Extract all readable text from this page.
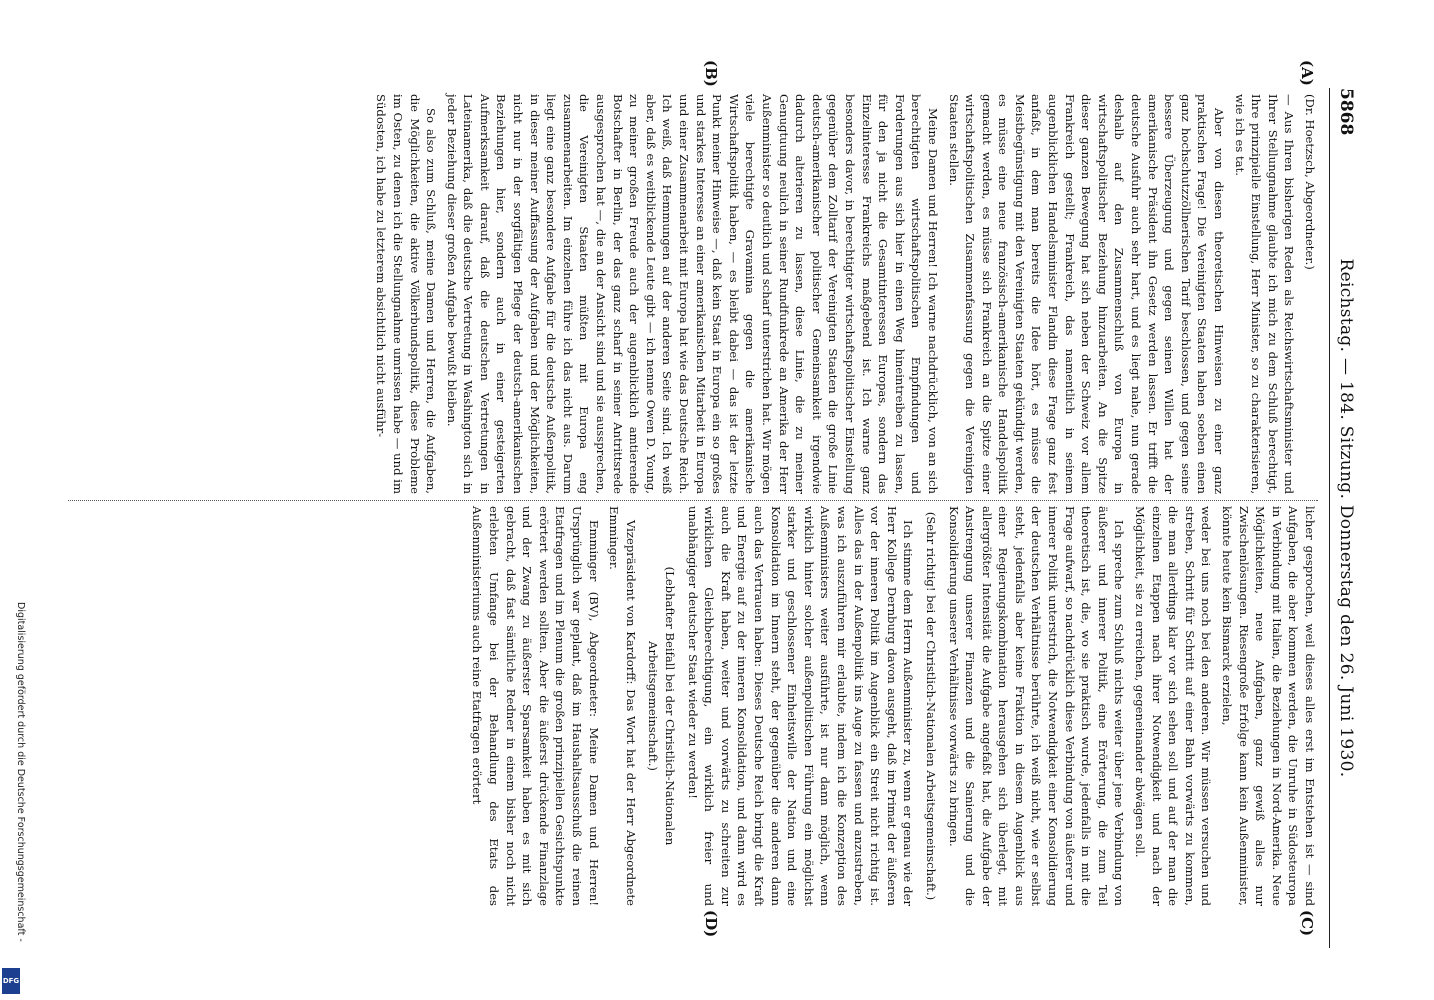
5868
Reichstag. — 184. Sitzung. Donnerstag den 26. Juni 1930.
(A)
(B)
(C)
(D)

(Dr. Hoetzsch, Abgeordneter.)

— Aus Ihren bisherigen Reden als Reichswirtschaftsminister und Ihrer Stellungnahme glaubte ich mich zu dem Schluß berechtigt, Ihre prinzipielle Einstellung, Herr Minister, so zu charakterisieren, wie ich es tat.

Aber von diesen theoretischen Hinweisen zu einer ganz praktischen Frage! Die Vereinigten Staaten haben soeben einen ganz hochschutzzöllnerischen Tarif beschlossen, und gegen seine bessere Überzeugung und gegen seinen Willen hat der amerikanische Präsident ihn Gesetz werden lassen. Er trifft die deutsche Ausfuhr auch sehr hart, und es liegt nahe, nun gerade deshalb auf den Zusammenschluß von Europa in wirtschaftspolitischer Beziehung hinzuarbeiten. An die Spitze dieser ganzen Bewegung hat sich neben der Schweiz vor allem Frankreich gestellt; Frankreich, das namentlich in seinem augenblicklichen Handelsminister Flandin diese Frage ganz fest anfaßt, in dem man bereits die Idee hört, es müsse die Meistbegünstigung mit den Vereinigten Staaten gekündigt werden, es müsse eine neue französisch-amerikanische Handelspolitik gemacht werden, es müsse sich Frankreich an die Spitze einer wirtschaftspolitischen Zusammenfassung gegen die Vereinigten Staaten stellen.

Meine Damen und Herren! Ich warne nachdrücklich, von an sich berechtigten wirtschaftspolitischen Empfindungen und Forderungen aus sich hier in einen Weg hineintreiben zu lassen, für den ja nicht die Gesamtinteressen Europas, sondern das Einzelinteresse Frankreichs maßgebend ist. Ich warne ganz besonders davor, in berechtigter wirtschaftspolitischer Einstellung gegenüber dem Zolltarif der Vereinigten Staaten die große Linie deutsch-amerikanischer politischer Gemeinsamkeit irgendwie dadurch alterieren zu lassen, diese Linie, die zu meiner Genugtuung neulich in seiner Rundfunkrede an Amerika der Herr Außenminister so deutlich und scharf unterstrichen hat. Wir mögen viele berechtigte Gravamina gegen die amerikanische Wirtschaftspolitik haben, — es bleibt dabei — das ist der letzte Punkt meiner Hinweise —, daß kein Staat in Europa ein so großes und starkes Interesse an einer amerikanischen Mitarbeit in Europa und einer Zusammenarbeit mit Europa hat wie das Deutsche Reich. Ich weiß, daß Hemmungen auf der anderen Seite sind. Ich weiß aber, daß es weitblickende Leute gibt — ich nenne Owen D. Young, zu meiner großen Freude auch der augenblicklich amtierende Botschafter in Berlin, der das ganz scharf in seiner Antrittsrede ausgesprochen hat —, die an der Ansicht sind und sie aussprechen, die Vereinigten Staaten müßten mit Europa eng zusammenarbeiten. Im einzelnen führe ich das nicht aus. Darum liegt eine ganz besondere Aufgabe für die deutsche Außenpolitik, in dieser meiner Auffassung der Aufgaben und der Möglichkeiten, nicht nur in der sorgfältigen Pflege der deutsch-amerikanischen Beziehungen hier, sondern auch in einer gesteigerten Aufmerksamkeit darauf, daß die deutschen Vertretungen in Lateinamerika, daß die deutsche Vertretung in Washington sich in jeder Beziehung dieser großen Aufgabe bewußt bleiben.

So also zum Schluß, meine Damen und Herren, die Aufgaben, die Möglichkeiten, die aktive Völkerbundspolitik, diese Probleme im Osten, zu denen ich die Stellungnahme umrissen habe — und im Südosten, ich habe zu letzterem absichtlich nicht ausführ-

licher gesprochen, weil dieses alles erst im Entstehen ist — sind Aufgaben, die aber kommen werden, die Unruhe in Südosteuropa in Verbindung mit Italien, die Beziehungen in Nord-Amerika. Neue Möglichkeiten, neue Aufgaben, ganz gewiß alles nur Zwischenlösungen. Riesengroße Erfolge kann kein Außenminister, könnte heute kein Bismarck erzielen,

weder bei uns noch bei den anderen. Wir müssen versuchen und streben, Schritt für Schritt auf einer Bahn vorwärts zu kommen, die man allerdings klar vor sich sehen soll und auf der man die einzelnen Etappen nach ihrer Notwendigkeit und nach der Möglichkeit, sie zu erreichen, gegeneinander abwägen soll.

Ich spreche zum Schluß nichts weiter über jene Verbindung von äußerer und innerer Politik, eine Erörterung, die zum Teil theoretisch ist, die, wo sie praktisch wurde, jedenfalls in mit die Frage aufwarf, so nachdrücklich diese Verbindung von äußerer und innerer Politik unterstrich, die Notwendigkeit einer Konsolidierung der deutschen Verhältnisse berührte, ich weiß nicht, wie er selbst steht, jedenfalls aber keine Fraktion in diesem Augenblick aus einer Regierungskombination herausgehen sich überlegt, mit allergrößter Intensität die Aufgabe angefaßt hat, die Aufgabe der Anstrengung unserer Finanzen und die Sanierung und die Konsolidierung unserer Verhältnisse vorwärts zu bringen.

(Sehr richtig! bei der Christlich-Nationalen Arbeitsgemeinschaft.)

Ich stimme dem Herrn Außenminister zu, wenn er genau wie der Herr Kollege Dernburg davon ausgeht, daß im Primat der äußeren vor der inneren Politik im Augenblick ein Streit nicht richtig ist. Alles das in der Außenpolitik ins Auge zu fassen und anzustreben, was ich auszuführen mir erlaubte, indem ich die Konzeption des Außenministers weiter ausführte, ist nur dann möglich, wenn wirklich hinter solcher außenpolitischen Führung ein möglichst starker und geschlossener Einheitswille der Nation und eine Konsolidation im Innern steht, der gegenüber die anderen dann auch das Vertrauen haben: Dieses Deutsche Reich bringt die Kraft und Energie auf zu der inneren Konsolidation, und dann wird es auch die Kraft haben, weiter und vorwärts zu schreiten zur wirklichen Gleichberechtigung, ein wirklich freier und unabhängiger deutscher Staat wieder zu werden!

(Lebhafter Beifall bei der Christlich-Nationalen Arbeitsgemeinschaft.)

Vizepräsident von Kardorff: Das Wort hat der Herr Abgeordnete Emminger.

Emminger (BV), Abgeordneter: Meine Damen und Herren! Ursprünglich war geplant, daß im Haushaltsausschuß die reinen Etatfragen und im Plenum die großen prinzipiellen Gesichtspunkte erörtert werden sollten. Aber die äußerst drückende Finanzlage und der Zwang zu äußerster Sparsamkeit haben es mit sich gebracht, daß fast sämtliche Redner in einem bisher noch nicht erlebten Umfange bei der Behandlung des Etats des Außenministeriums auch reine Etatfragen erörtert

Digitalisierung gefördert durch die Deutsche Forschungsgemeinschaft -
DFG
